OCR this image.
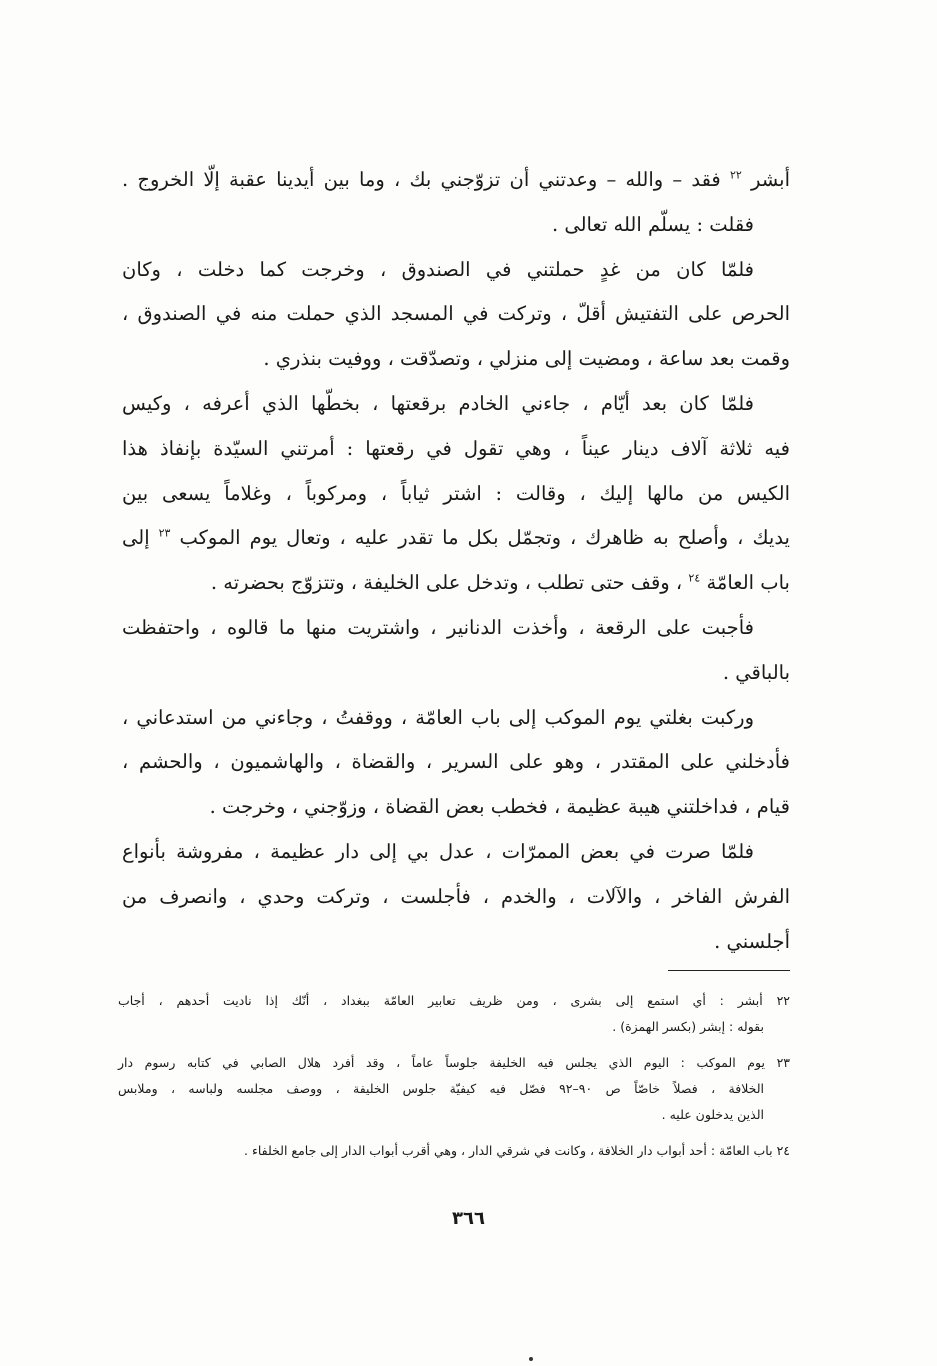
أبشر $^{٢٢}$ فقد – والله – وعدتني أن تزوّجني بك ، وما بين أيدينا عقبة إلّا الخروج .
فقلت : يسلّم الله تعالى .
فلمّا كان من غدٍ حملتني في الصندوق ، وخرجت كما دخلت ، وكان
الحرص على التفتيش أقلّ ، وتركت في المسجد الذي حملت منه في الصندوق ،
وقمت بعد ساعة ، ومضيت إلى منزلي ، وتصدّقت ، ووفيت بنذري .
فلمّا كان بعد أيّام ، جاءني الخادم برقعتها ، بخطّها الذي أعرفه ، وكيس
فيه ثلاثة آلاف دينار عيناً ، وهي تقول في رقعتها : أمرتني السيّدة بإنفاذ هذا
الكيس من مالها إليك ، وقالت : اشتر ثياباً ، ومركوباً ، وغلاماً يسعى بين
يديك ، وأصلح به ظاهرك ، وتجمّل بكل ما تقدر عليه ، وتعال يوم الموكب $^{٢٣}$ إلى
باب العامّة $^{٢٤}$ ، وقف حتى تطلب ، وتدخل على الخليفة ، وتتزوّج بحضرته .
فأجبت على الرقعة ، وأخذت الدنانير ، واشتريت منها ما قالوه ، واحتفظت
بالباقي .
وركبت بغلتي يوم الموكب إلى باب العامّة ، ووقفتُ ، وجاءني من استدعاني ،
فأدخلني على المقتدر ، وهو على السرير ، والقضاة ، والهاشميون ، والحشم ،
قيام ، فداخلتني هيبة عظيمة ، فخطب بعض القضاة ، وزوّجني ، وخرجت .
فلمّا صرت في بعض الممرّات ، عدل بي إلى دار عظيمة ، مفروشة بأنواع
الفرش الفاخر ، والآلات ، والخدم ، فأجلست ، وتركت وحدي ، وانصرف من
أجلسني .
٢٢ أبشر : أي استمع إلى بشرى ، ومن ظريف تعابير العامّة ببغداد ، أنّك إذا ناديت أحدهم ، أجاب
بقوله : إبشر (بكسر الهمزة) .
٢٣ يوم الموكب : اليوم الذي يجلس فيه الخليفة جلوساً عاماً ، وقد أفرد هلال الصابي في كتابه رسوم دار
الخلافة ، فصلاً خاصّاً ص ٩٠–٩٢ فصّل فيه كيفيّة جلوس الخليفة ، ووصف مجلسه ولباسه ، وملابس
الذين يدخلون عليه .
٢٤ باب العامّة : أحد أبواب دار الخلافة ، وكانت في شرقي الدار ، وهي أقرب أبواب الدار إلى جامع الخلفاء .
٣٦٦
